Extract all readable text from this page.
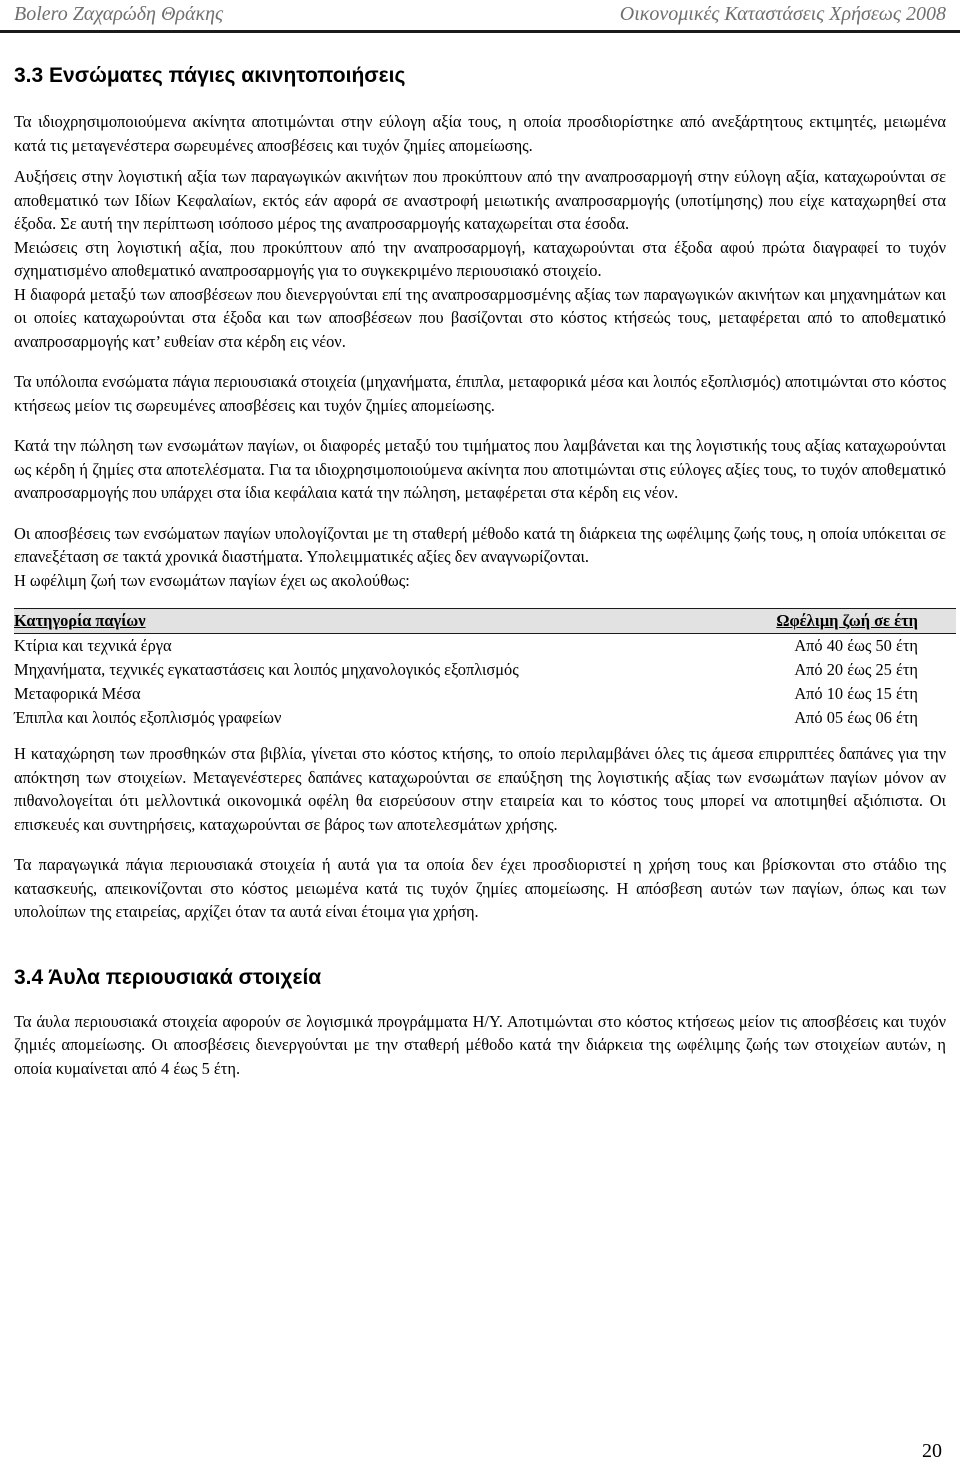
Bolero Ζαχαρώδη Θράκης	Οικονομικές Καταστάσεις Χρήσεως 2008
3.3 Ενσώματες πάγιες ακινητοποιήσεις

Τα ιδιοχρησιμοποιούμενα ακίνητα αποτιμώνται στην εύλογη αξία τους, η οποία προσδιορίστηκε από ανεξάρτητους εκτιμητές, μειωμένα κατά τις μεταγενέστερα σωρευμένες αποσβέσεις και τυχόν ζημίες απομείωσης.

Αυξήσεις στην λογιστική αξία των παραγωγικών ακινήτων που προκύπτουν από την αναπροσαρμογή στην εύλογη αξία, καταχωρούνται σε αποθεματικό των Ιδίων Κεφαλαίων, εκτός εάν αφορά σε αναστροφή μειωτικής αναπροσαρμογής (υποτίμησης) που είχε καταχωρηθεί στα έξοδα. Σε αυτή την περίπτωση ισόποσο μέρος της αναπροσαρμογής καταχωρείται στα έσοδα.

Μειώσεις στη λογιστική αξία, που προκύπτουν από την αναπροσαρμογή, καταχωρούνται στα έξοδα αφού πρώτα διαγραφεί το τυχόν σχηματισμένο αποθεματικό αναπροσαρμογής για το συγκεκριμένο περιουσιακό στοιχείο.

Η διαφορά μεταξύ των αποσβέσεων που διενεργούνται επί της αναπροσαρμοσμένης αξίας των παραγωγικών ακινήτων και μηχανημάτων και οι οποίες καταχωρούνται στα έξοδα και των αποσβέσεων που βασίζονται στο κόστος κτήσεώς τους, μεταφέρεται από το αποθεματικό αναπροσαρμογής κατ’ ευθείαν στα κέρδη εις νέον.

Τα υπόλοιπα ενσώματα πάγια περιουσιακά στοιχεία (μηχανήματα, έπιπλα, μεταφορικά μέσα και λοιπός εξοπλισμός) αποτιμώνται στο κόστος κτήσεως μείον τις σωρευμένες αποσβέσεις και τυχόν ζημίες απομείωσης.

Κατά την πώληση των ενσωμάτων παγίων, οι διαφορές μεταξύ του τιμήματος που λαμβάνεται και της λογιστικής τους αξίας καταχωρούνται ως κέρδη ή ζημίες στα αποτελέσματα. Για τα ιδιοχρησιμοποιούμενα ακίνητα που αποτιμώνται στις εύλογες αξίες τους, το τυχόν αποθεματικό αναπροσαρμογής που υπάρχει στα ίδια κεφάλαια κατά την πώληση, μεταφέρεται στα κέρδη εις νέον.

Οι αποσβέσεις των ενσώματων παγίων υπολογίζονται με τη σταθερή μέθοδο κατά τη διάρκεια της ωφέλιμης ζωής τους, η οποία υπόκειται σε επανεξέταση σε τακτά χρονικά διαστήματα. Υπολειμματικές αξίες δεν αναγνωρίζονται.

Η ωφέλιμη ζωή των ενσωμάτων παγίων έχει ως ακολούθως:

Κατηγορία παγίων	Ωφέλιμη ζωή σε έτη
Κτίρια και τεχνικά έργα	Από 40 έως 50 έτη
Μηχανήματα, τεχνικές εγκαταστάσεις και λοιπός μηχανολογικός εξοπλισμός	Από 20 έως 25 έτη
Μεταφορικά Μέσα	Από 10 έως 15 έτη
Έπιπλα και λοιπός εξοπλισμός γραφείων	Από 05 έως 06 έτη

Η καταχώρηση των προσθηκών στα βιβλία, γίνεται στο κόστος κτήσης, το οποίο περιλαμβάνει όλες τις άμεσα επιρριπτέες δαπάνες για την απόκτηση των στοιχείων. Μεταγενέστερες δαπάνες καταχωρούνται σε επαύξηση της λογιστικής αξίας των ενσωμάτων παγίων μόνον αν πιθανολογείται ότι μελλοντικά οικονομικά οφέλη θα εισρεύσουν στην εταιρεία και το κόστος τους μπορεί να αποτιμηθεί αξιόπιστα. Οι επισκευές και συντηρήσεις, καταχωρούνται σε βάρος των αποτελεσμάτων χρήσης.

Τα παραγωγικά πάγια περιουσιακά στοιχεία ή αυτά για τα οποία δεν έχει προσδιοριστεί η χρήση τους και βρίσκονται στο στάδιο της κατασκευής, απεικονίζονται στο κόστος μειωμένα κατά τις τυχόν ζημίες απομείωσης. Η απόσβεση αυτών των παγίων, όπως και των υπολοίπων της εταιρείας, αρχίζει όταν τα αυτά είναι έτοιμα για χρήση.

3.4 Άυλα περιουσιακά στοιχεία

Τα άυλα περιουσιακά στοιχεία αφορούν σε λογισμικά προγράμματα Η/Υ. Αποτιμώνται στο κόστος κτήσεως μείον τις αποσβέσεις και τυχόν ζημιές απομείωσης. Οι αποσβέσεις διενεργούνται με την σταθερή μέθοδο κατά την διάρκεια της ωφέλιμης ζωής των στοιχείων αυτών, η οποία κυμαίνεται από 4 έως 5 έτη.

20
